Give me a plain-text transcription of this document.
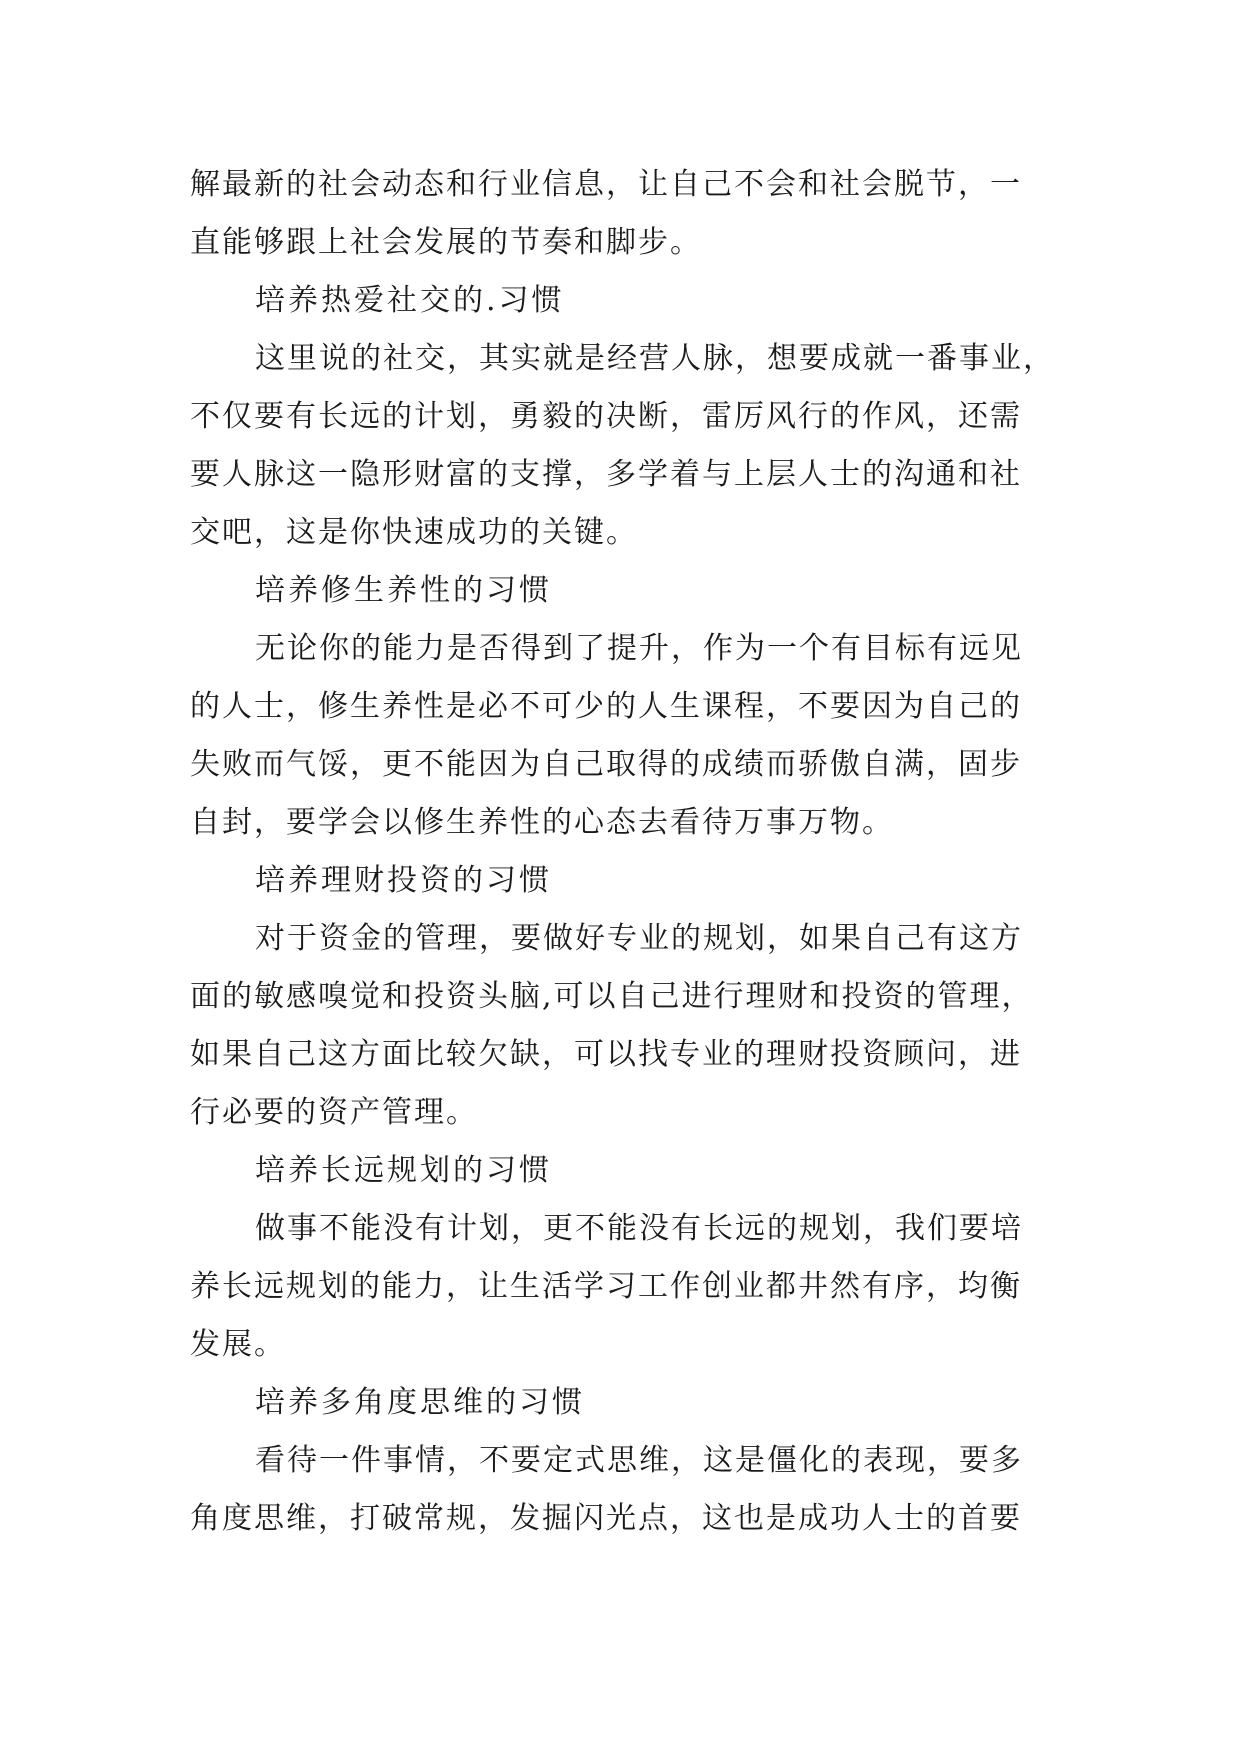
解最新的社会动态和行业信息，让自己不会和社会脱节，一
直能够跟上社会发展的节奏和脚步。
培养热爱社交的.习惯
这里说的社交，其实就是经营人脉，想要成就一番事业，
不仅要有长远的计划，勇毅的决断，雷厉风行的作风，还需
要人脉这一隐形财富的支撑，多学着与上层人士的沟通和社
交吧，这是你快速成功的关键。
培养修生养性的习惯
无论你的能力是否得到了提升，作为一个有目标有远见
的人士，修生养性是必不可少的人生课程，不要因为自己的
失败而气馁，更不能因为自己取得的成绩而骄傲自满，固步
自封，要学会以修生养性的心态去看待万事万物。
培养理财投资的习惯
对于资金的管理，要做好专业的规划，如果自己有这方
面的敏感嗅觉和投资头脑,可以自己进行理财和投资的管理，
如果自己这方面比较欠缺，可以找专业的理财投资顾问，进
行必要的资产管理。
培养长远规划的习惯
做事不能没有计划，更不能没有长远的规划，我们要培
养长远规划的能力，让生活学习工作创业都井然有序，均衡
发展。
培养多角度思维的习惯
看待一件事情，不要定式思维，这是僵化的表现，要多
角度思维，打破常规，发掘闪光点，这也是成功人士的首要
